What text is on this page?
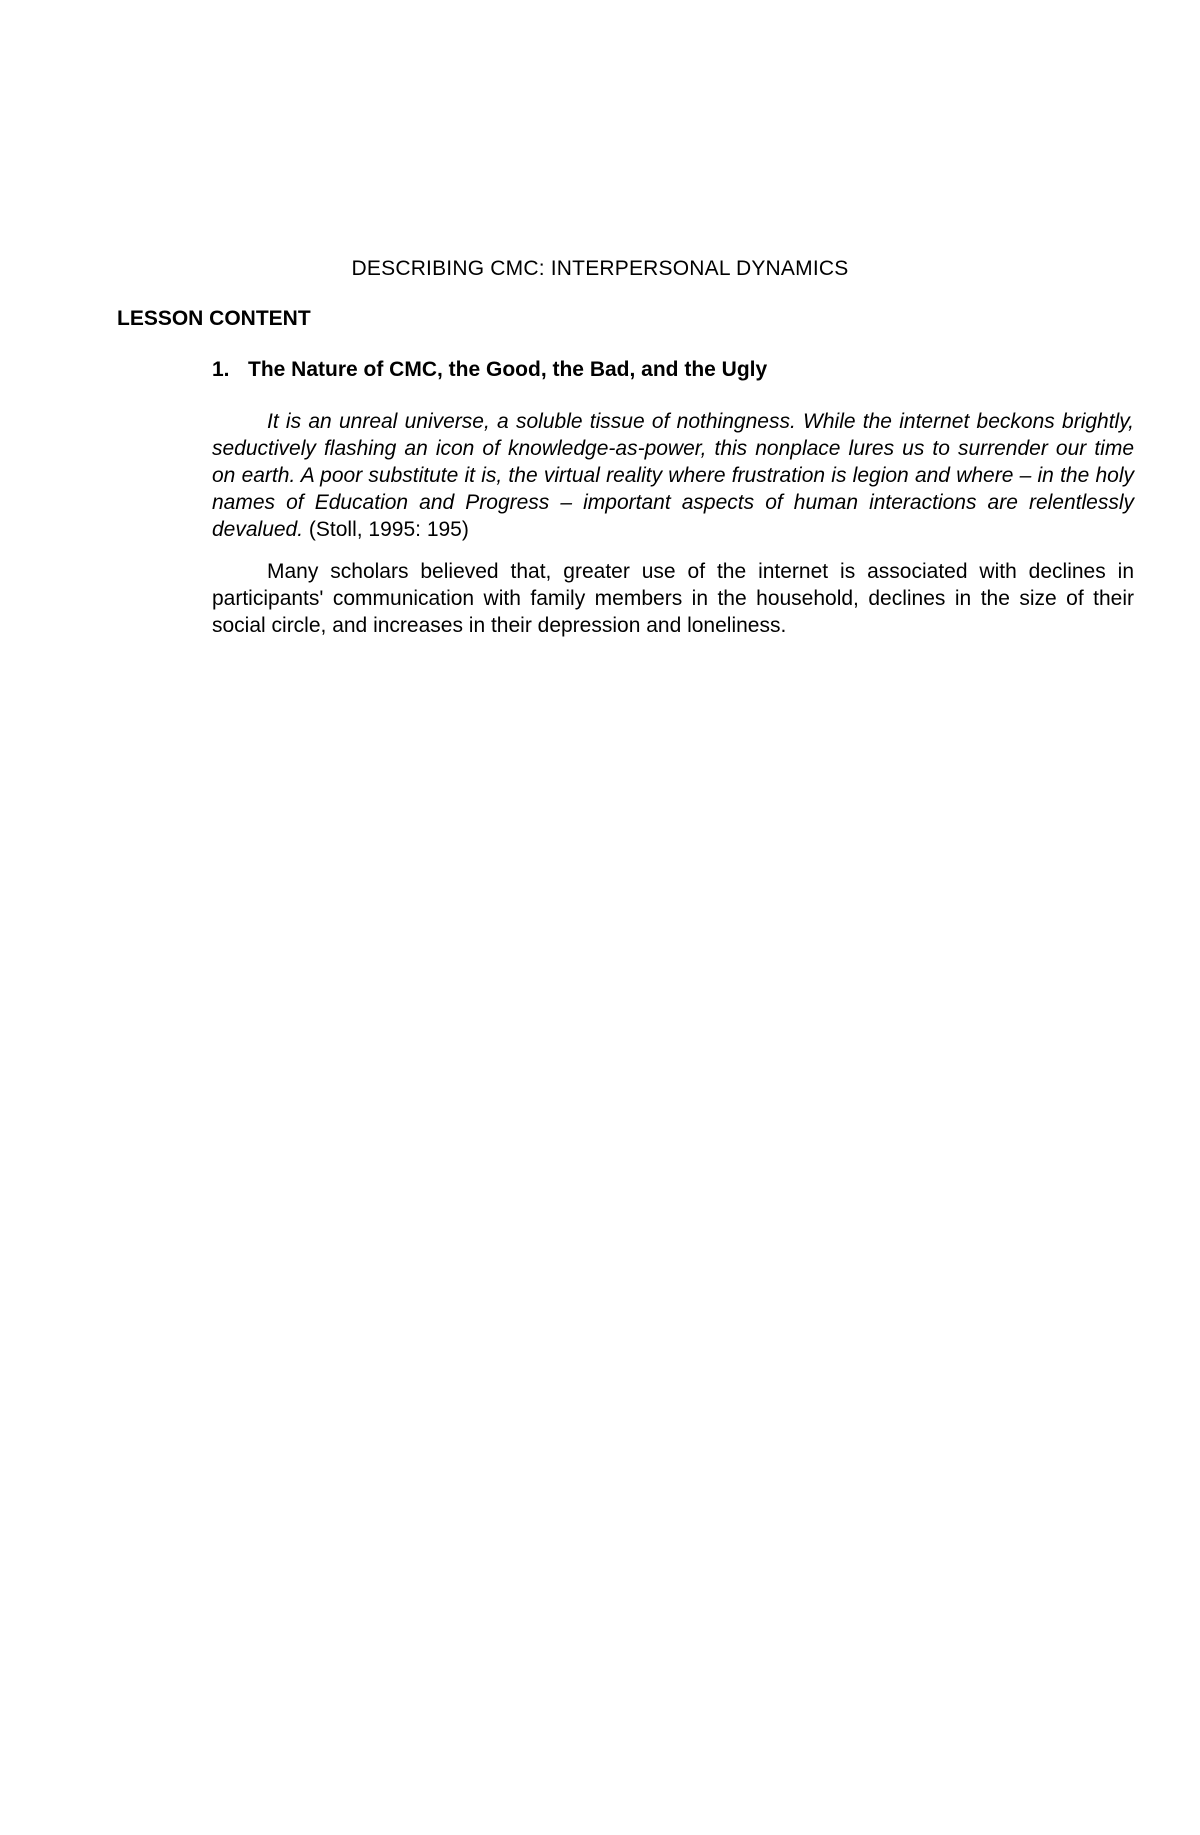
DESCRIBING CMC: INTERPERSONAL DYNAMICS
LESSON CONTENT
1. The Nature of CMC, the Good, the Bad, and the Ugly
It is an unreal universe, a soluble tissue of nothingness. While the internet beckons brightly, seductively flashing an icon of knowledge-as-power, this nonplace lures us to surrender our time on earth. A poor substitute it is, the virtual reality where frustration is legion and where – in the holy names of Education and Progress – important aspects of human interactions are relentlessly devalued. (Stoll, 1995: 195)
Many scholars believed that, greater use of the internet is associated with declines in participants' communication with family members in the household, declines in the size of their social circle, and increases in their depression and loneliness.
